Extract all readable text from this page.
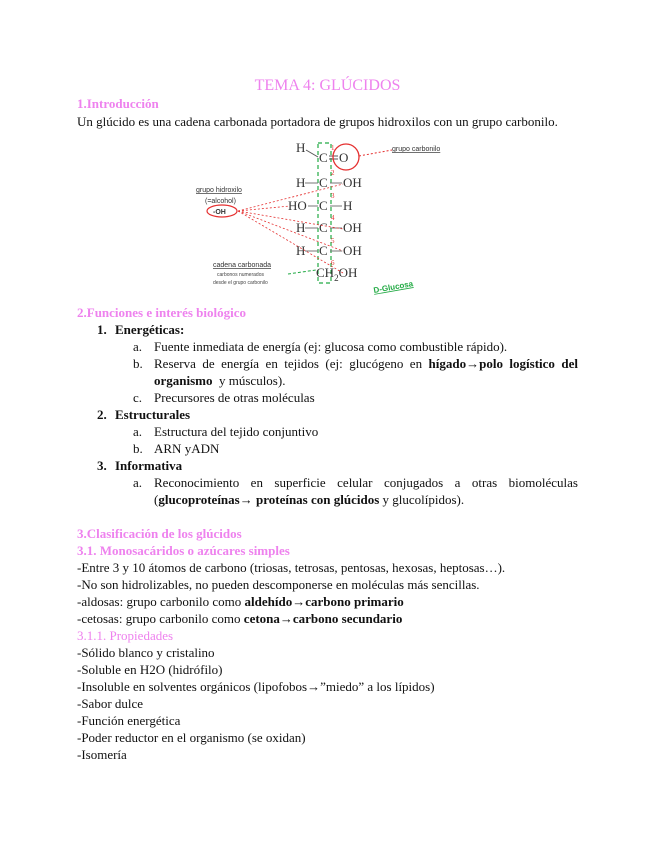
TEMA 4: GLÚCIDOS
1.Introducción
Un glúcido es una cadena carbonada portadora de grupos hidroxilos con un grupo carbonilo.
H
C O
H C OH
HO C H
H C OH
H C OH
$CH_2OH$
1
2
3
4
5
6
grupo carbonilo
grupo hidroxilo
(=alcohol)
-OH
cadena carbonada
carbonos numerados
desde el grupo carbonilo	D-Glucosa
2.Funciones e interés biológico
1. Energéticas:
a. Fuente inmediata de energía (ej: glucosa como combustible rápido).
b. Reserva de energía en tejidos (ej: glucógeno en hígado→polo logístico del
organismo  y músculos).
c. Precursores de otras moléculas
2. Estructurales
a. Estructura del tejido conjuntivo
b. ARN yADN
3. Informativa
a. Reconocimiento en superficie celular conjugados a otras biomoléculas
(glucoproteínas→ proteínas con glúcidos y glucolípidos).
3.Clasificación de los glúcidos
3.1. Monosacáridos o azúcares simples
-Entre 3 y 10 átomos de carbono (triosas, tetrosas, pentosas, hexosas, heptosas…).
-No son hidrolizables, no pueden descomponerse en moléculas más sencillas.
-aldosas: grupo carbonilo como aldehído→carbono primario
-cetosas: grupo carbonilo como cetona→carbono secundario
3.1.1. Propiedades
-Sólido blanco y cristalino
-Soluble en H2O (hidrófilo)
-Insoluble en solventes orgánicos (lipofobos→”miedo” a los lípidos)
-Sabor dulce
-Función energética
-Poder reductor en el organismo (se oxidan)
-Isomería
